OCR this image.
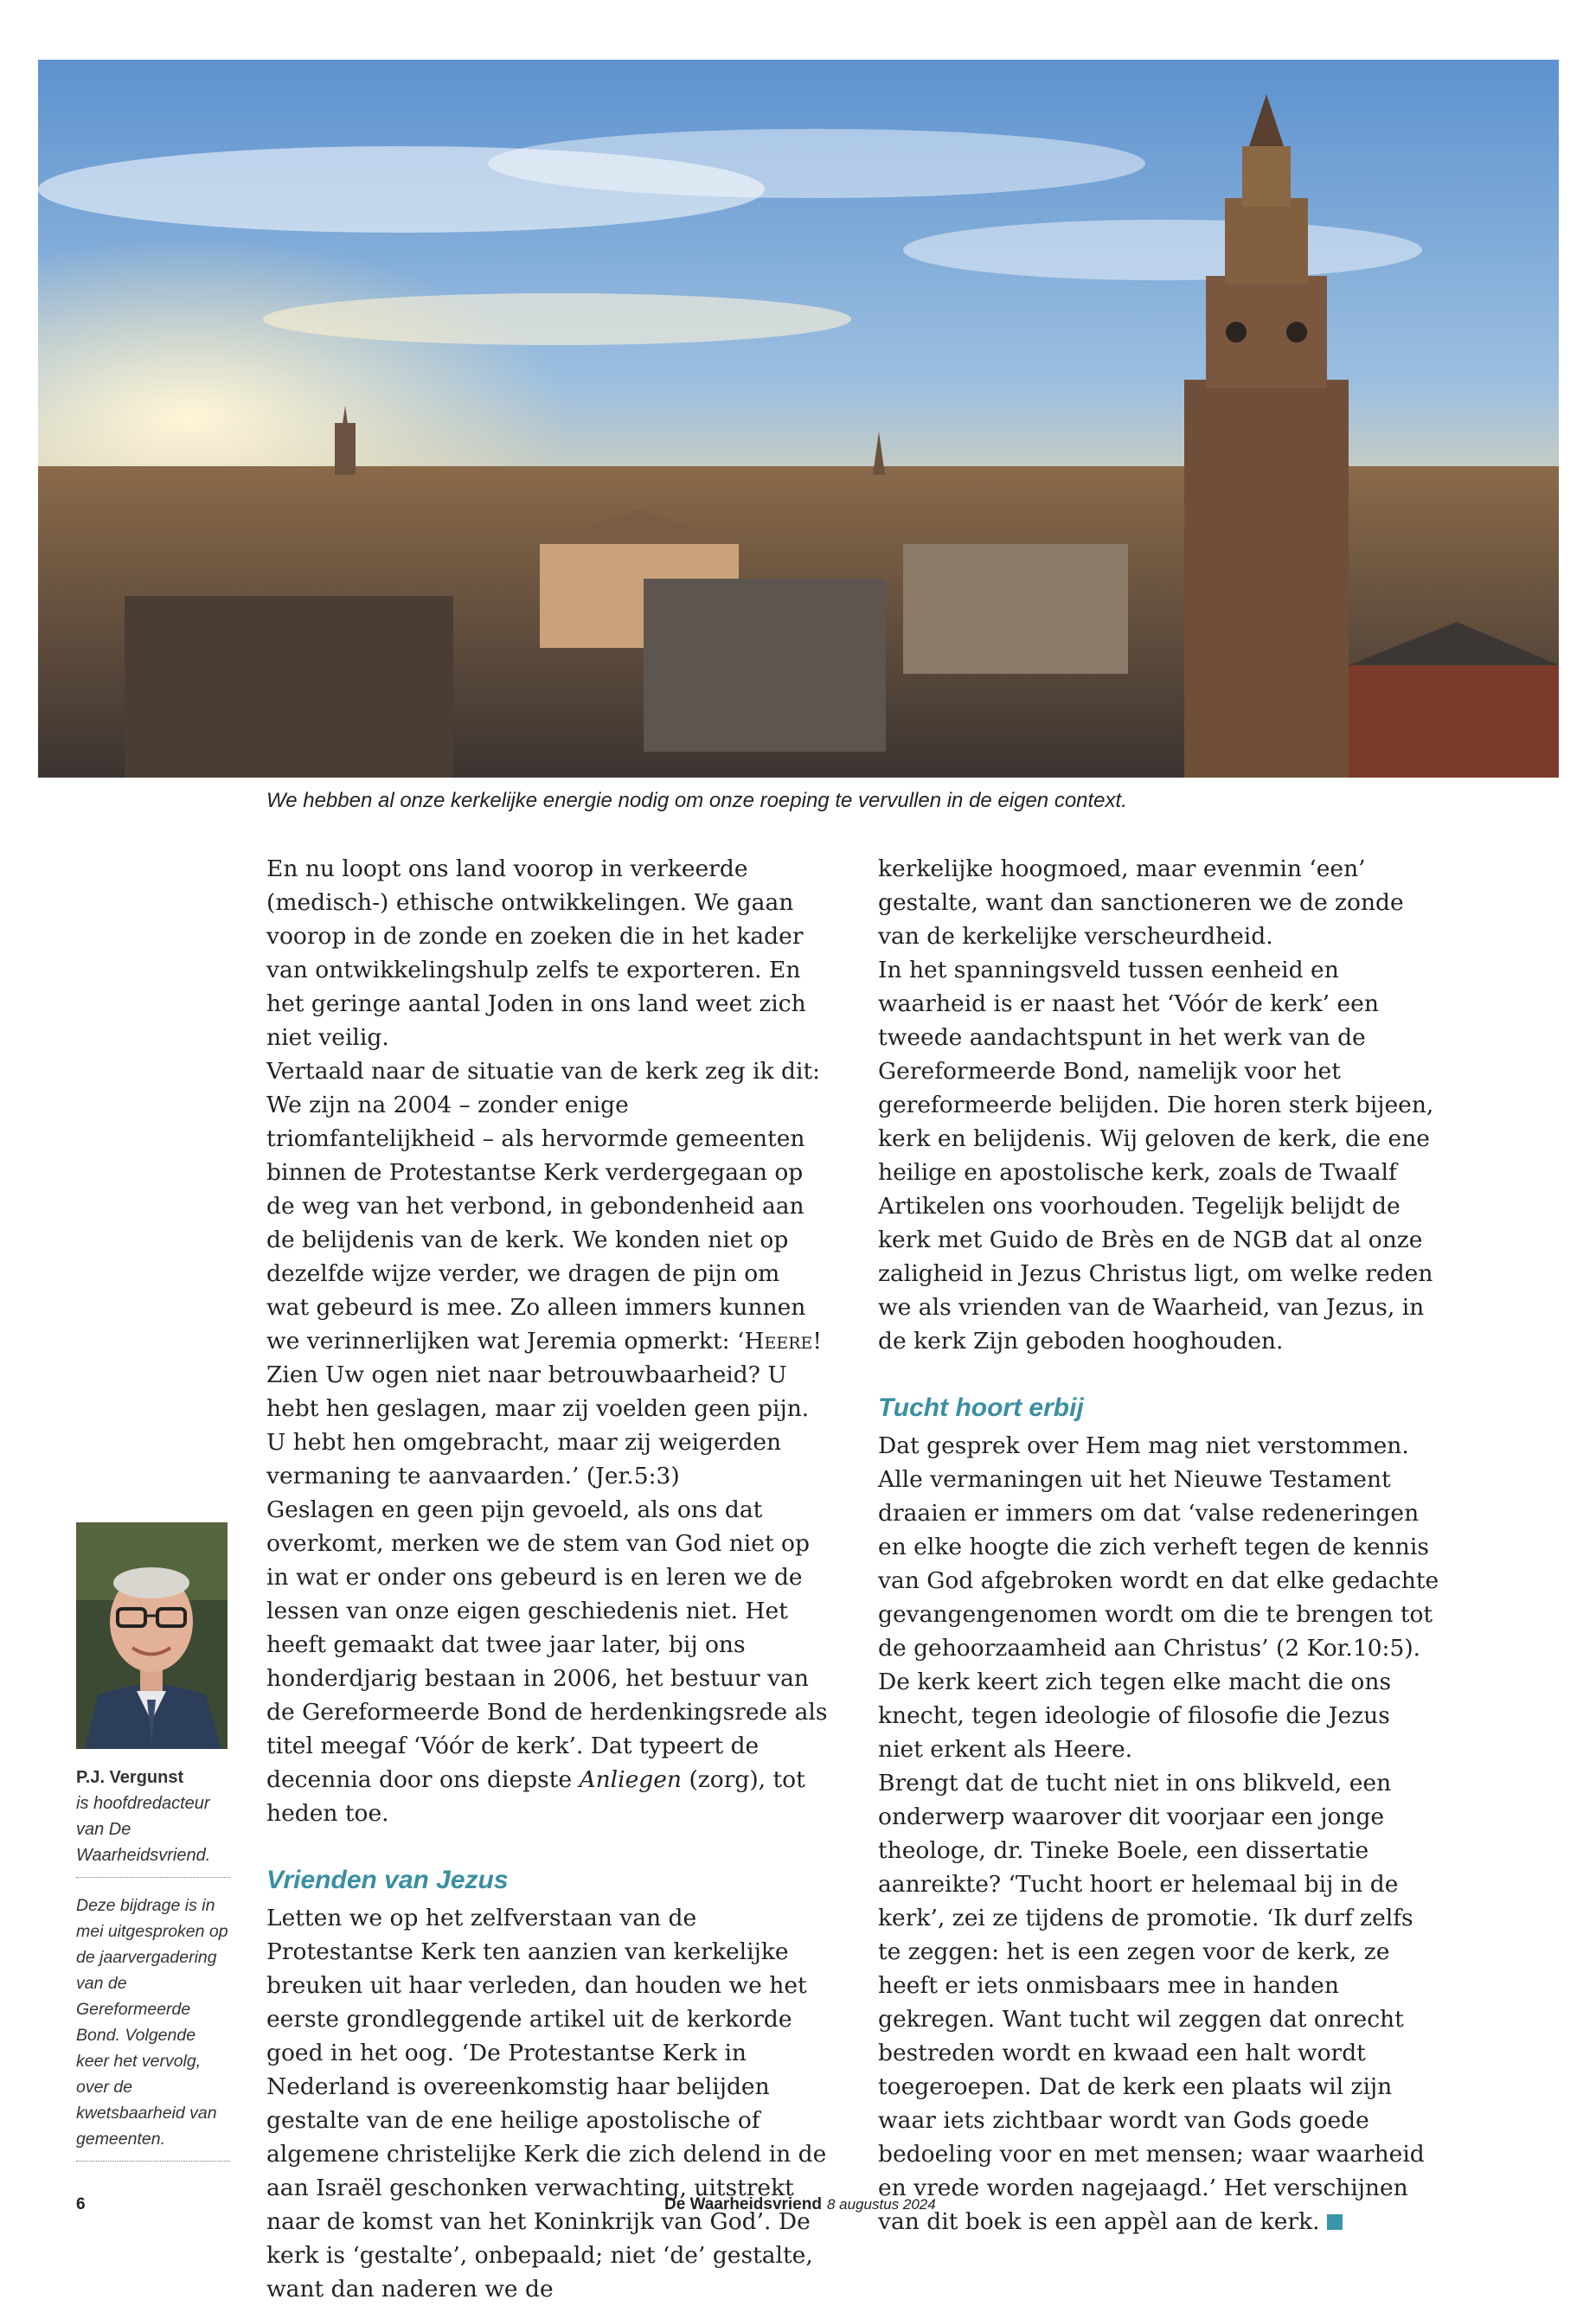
We hebben al onze kerkelijke energie nodig om onze roeping te vervullen in de eigen context.

En nu loopt ons land voorop in verkeerde (medisch-) ethische ontwikkelingen. We gaan voorop in de zonde en zoeken die in het kader van ontwikkelingshulp zelfs te exporteren. En het geringe aantal Joden in ons land weet zich niet veilig.

Vertaald naar de situatie van de kerk zeg ik dit: We zijn na 2004 – zonder enige triomfantelijkheid – als hervormde gemeenten binnen de Protestantse Kerk verdergegaan op de weg van het verbond, in gebondenheid aan de belijdenis van de kerk. We konden niet op dezelfde wijze verder, we dragen de pijn om wat gebeurd is mee. Zo alleen immers kunnen we verinnerlijken wat Jeremia opmerkt: ‘Heere! Zien Uw ogen niet naar betrouwbaarheid? U hebt hen geslagen, maar zij voelden geen pijn. U hebt hen omgebracht, maar zij weigerden vermaning te aanvaarden.’ (Jer.5:3)

Geslagen en geen pijn gevoeld, als ons dat overkomt, merken we de stem van God niet op in wat er onder ons gebeurd is en leren we de lessen van onze eigen geschiedenis niet. Het heeft gemaakt dat twee jaar later, bij ons honderdjarig bestaan in 2006, het bestuur van de Gereformeerde Bond de herdenkingsrede als titel meegaf ‘Vóór de kerk’. Dat typeert de decennia door ons diepste Anliegen (zorg), tot heden toe.

Vrienden van Jezus

Letten we op het zelfverstaan van de Protestantse Kerk ten aanzien van kerkelijke breuken uit haar verleden, dan houden we het eerste grondleggende artikel uit de kerkorde goed in het oog. ‘De Protestantse Kerk in Nederland is overeenkomstig haar belijden gestalte van de ene heilige apostolische of algemene christelijke Kerk die zich delend in de aan Israël geschonken verwachting, uitstrekt naar de komst van het Koninkrijk van God’. De kerk is ‘gestalte’, onbepaald; niet ‘de’ gestalte, want dan naderen we de

kerkelijke hoogmoed, maar evenmin ‘een’ gestalte, want dan sanctioneren we de zonde van de kerkelijke verscheurdheid.

In het spanningsveld tussen eenheid en waarheid is er naast het ‘Vóór de kerk’ een tweede aandachtspunt in het werk van de Gereformeerde Bond, namelijk voor het gereformeerde belijden. Die horen sterk bijeen, kerk en belijdenis. Wij geloven de kerk, die ene heilige en apostolische kerk, zoals de Twaalf Artikelen ons voorhouden. Tegelijk belijdt de kerk met Guido de Brès en de NGB dat al onze zaligheid in Jezus Christus ligt, om welke reden we als vrienden van de Waarheid, van Jezus, in de kerk Zijn geboden hooghouden.

Tucht hoort erbij

Dat gesprek over Hem mag niet verstommen. Alle vermaningen uit het Nieuwe Testament draaien er immers om dat ‘valse redeneringen en elke hoogte die zich verheft tegen de kennis van God afgebroken wordt en dat elke gedachte gevangengenomen wordt om die te brengen tot de gehoorzaamheid aan Christus’ (2 Kor.10:5). De kerk keert zich tegen elke macht die ons knecht, tegen ideologie of filosofie die Jezus niet erkent als Heere.

Brengt dat de tucht niet in ons blikveld, een onderwerp waarover dit voorjaar een jonge theologe, dr. Tineke Boele, een dissertatie aanreikte? ‘Tucht hoort er helemaal bij in de kerk’, zei ze tijdens de promotie. ‘Ik durf zelfs te zeggen: het is een zegen voor de kerk, ze heeft er iets onmisbaars mee in handen gekregen. Want tucht wil zeggen dat onrecht bestreden wordt en kwaad een halt wordt toegeroepen. Dat de kerk een plaats wil zijn waar iets zichtbaar wordt van Gods goede bedoeling voor en met mensen; waar waarheid en vrede worden nagejaagd.’ Het verschijnen van dit boek is een appèl aan de kerk.

P.J. Vergunst
is hoofdredacteur van De Waarheidsvriend.
Deze bijdrage is in mei uitgesproken op de jaarvergadering van de Gereformeerde Bond. Volgende keer het vervolg, over de kwetsbaarheid van gemeenten.
6	De Waarheidsvriend 8 augustus 2024
